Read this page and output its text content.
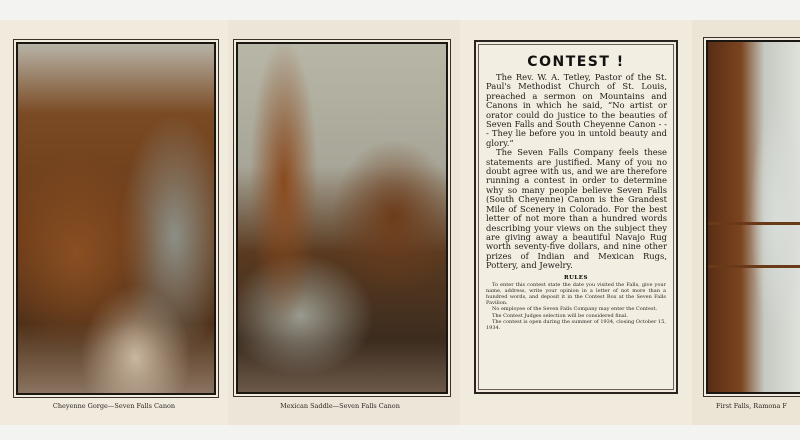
Cheyenne Gorge—Seven Falls Canon	Mexican Saddle—Seven Falls Canon
CONTEST !

The Rev. W. A. Tetley, Pastor of the St. Paul's Methodist Church of St. Louis, preached a sermon on Mountains and Canons in which he said, “No artist or orator could do justice to the beauties of Seven Falls and South Cheyenne Canon - - - They lie before you in untold beauty and glory.”

The Seven Falls Company feels these statements are justified. Many of you no doubt agree with us, and we are therefore running a contest in order to determine why so many people believe Seven Falls (South Cheyenne) Canon is the Grandest Mile of Scenery in Colorado. For the best letter of not more than a hundred words describing your views on the subject they are giving away a beautiful Navajo Rug worth seventy-five dollars, and nine other prizes of Indian and Mexican Rugs, Pottery, and Jewelry.

RULES

To enter this contest state the date you visited the Falls, give your name, address, write your opinion in a letter of not more than a hundred words, and deposit it in the Contest Box at the Seven Falls Pavilion.

No employee of the Seven Falls Company may enter the Contest.

The Contest Judges selection will be considered final.

The contest is open during the summer of 1934, closing October 15, 1934.

First Falls, Ramona F
